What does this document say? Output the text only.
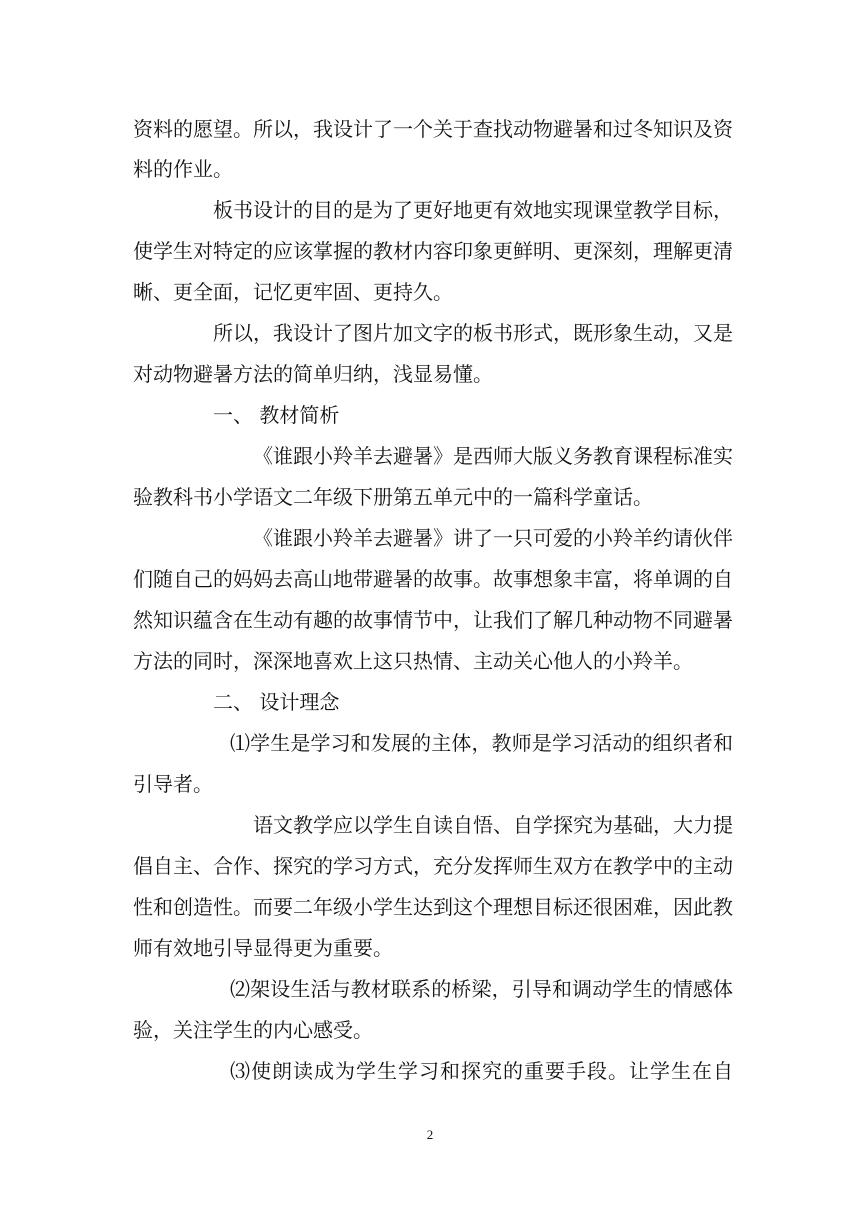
资料的愿望。所以，我设计了一个关于查找动物避暑和过冬知识及资
料的作业。
板书设计的目的是为了更好地更有效地实现课堂教学目标，
使学生对特定的应该掌握的教材内容印象更鲜明、更深刻，理解更清
晰、更全面，记忆更牢固、更持久。
所以，我设计了图片加文字的板书形式，既形象生动，又是
对动物避暑方法的简单归纳，浅显易懂。
一、 教材简析
《谁跟小羚羊去避暑》是西师大版义务教育课程标准实
验教科书小学语文二年级下册第五单元中的一篇科学童话。
《谁跟小羚羊去避暑》讲了一只可爱的小羚羊约请伙伴
们随自己的妈妈去高山地带避暑的故事。故事想象丰富，将单调的自
然知识蕴含在生动有趣的故事情节中，让我们了解几种动物不同避暑
方法的同时，深深地喜欢上这只热情、主动关心他人的小羚羊。
二、 设计理念
⑴学生是学习和发展的主体，教师是学习活动的组织者和
引导者。
语文教学应以学生自读自悟、自学探究为基础，大力提
倡自主、合作、探究的学习方式，充分发挥师生双方在教学中的主动
性和创造性。而要二年级小学生达到这个理想目标还很困难，因此教
师有效地引导显得更为重要。
⑵架设生活与教材联系的桥梁，引导和调动学生的情感体
验，关注学生的内心感受。
⑶使朗读成为学生学习和探究的重要手段。让学生在自
2
